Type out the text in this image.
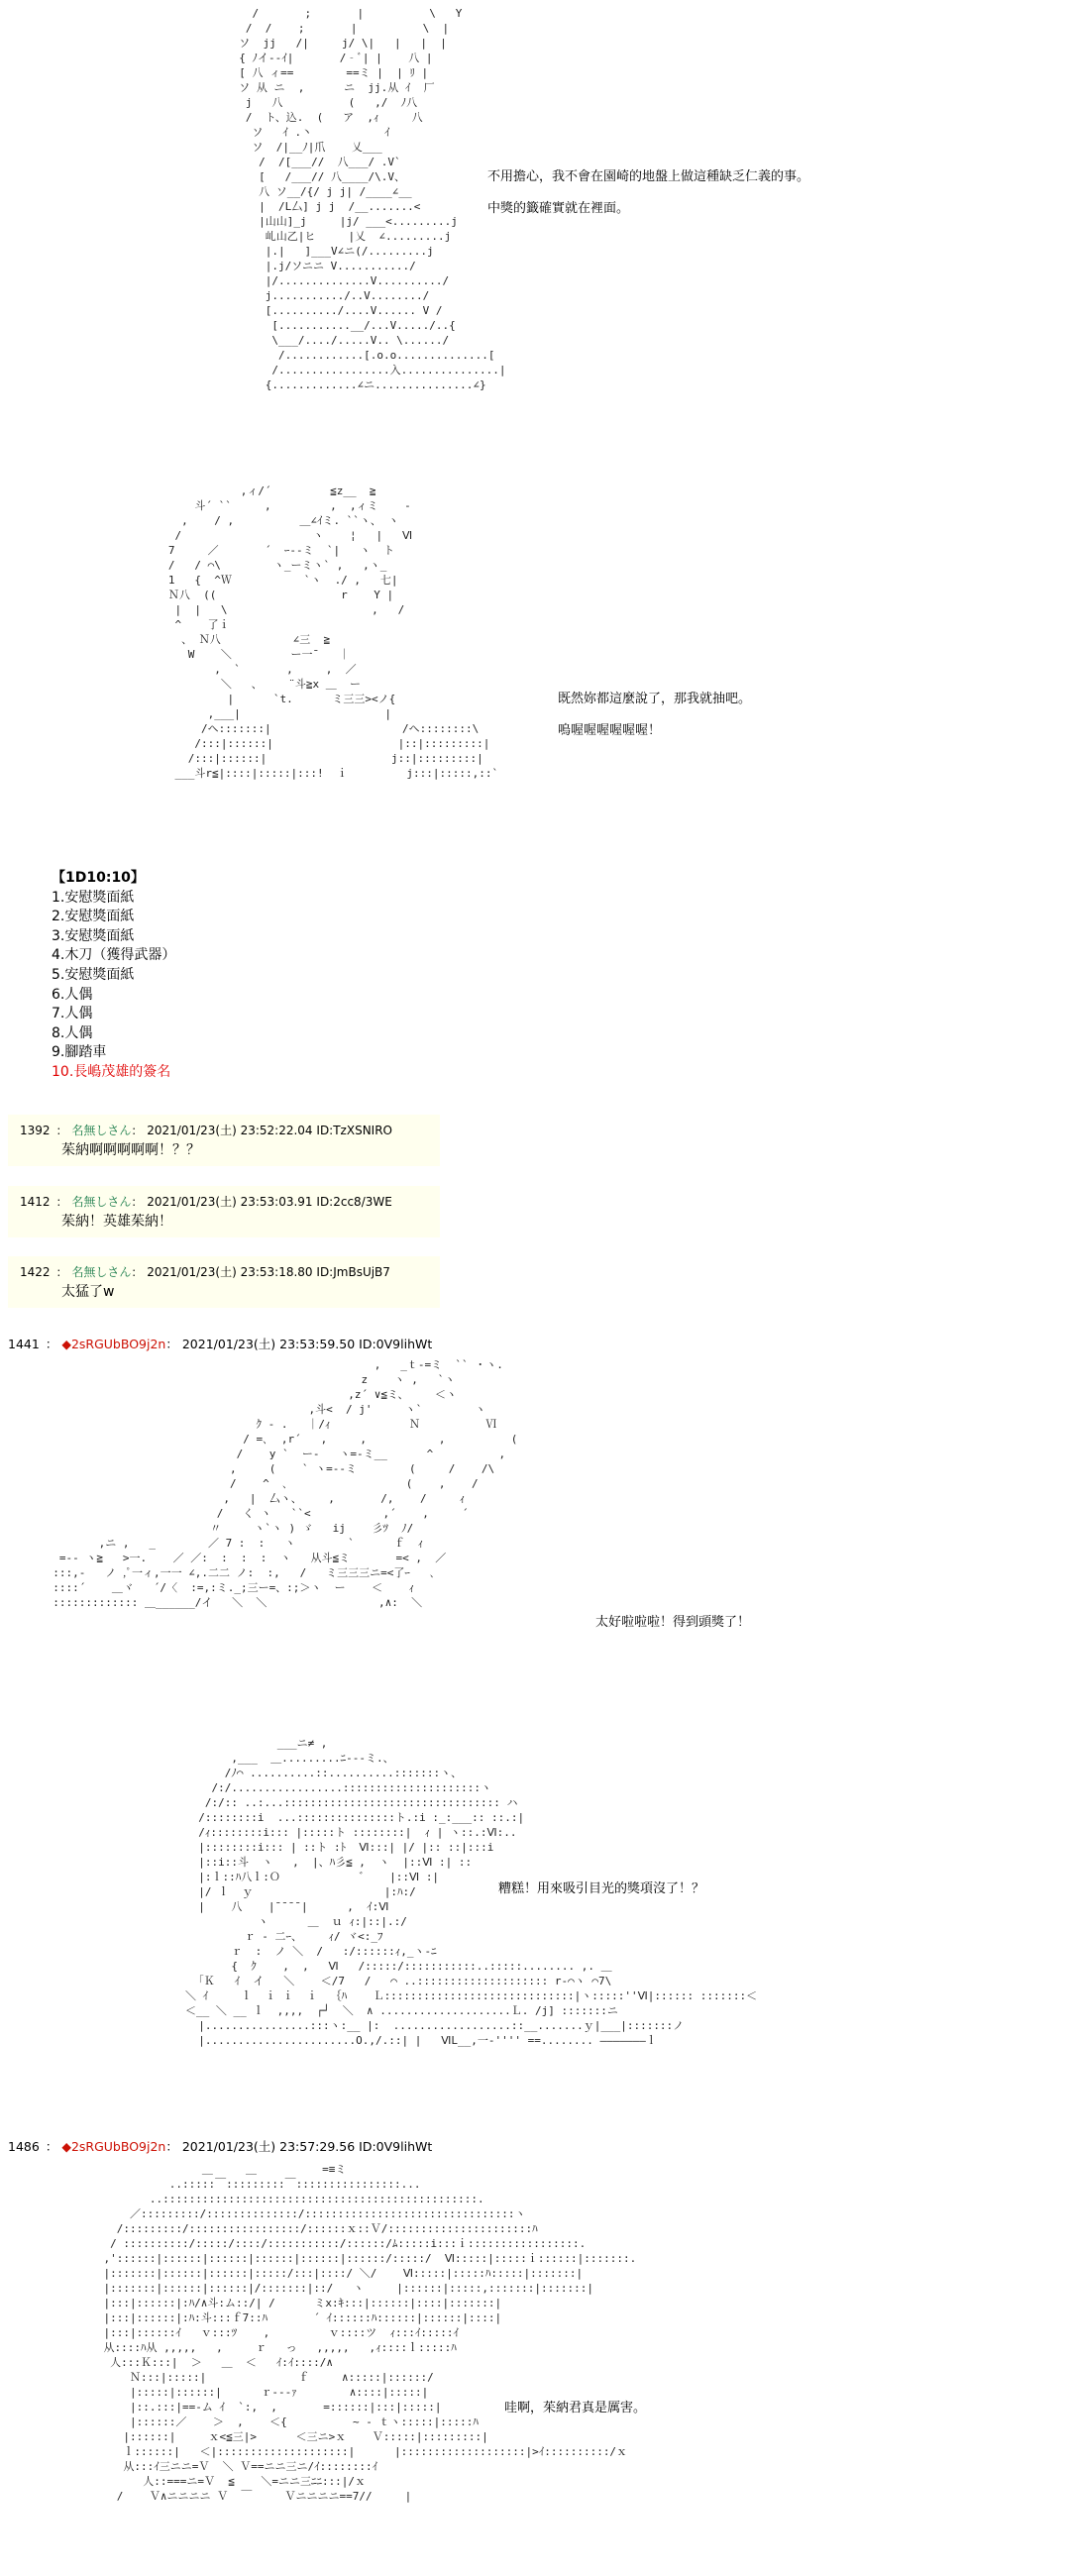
/       ;       |          \   Y
/  /    ;       |          \  |
ソ  jj   /|     j/ \|   |   |  |
{ ﾉイ--ｲ|       /‐ﾞ| |    八 |
[ 八 ィ==        ==ミ |  | ﾘ |
ソ 从 ニ  ,      ニ  jj.从 ｲ  厂
j   八          (   ,/  ﾉ八
/  ト、込.  (   ア  ,ｨ     八
ソ   ｲ .丶           ｲ
ソ  /|__ﾉ|爪    乂___
/  /[___//  八___/ .V`
[   /___// 八____/\.V、
八 ソ__/{/ j j| /____∠__
|  /L厶] j j  /__.......<
|山山]_j     |j/ ___<.........j
乢山乙|ヒ     |乂  ∠.........j
|.|   ]___V∠ニ(/.........j
|.j/ソニニ V.........../
|/..............V........../
j.........../..V......../
[........../....V...... V /
[...........__/...V...../..{
\___/..../.....V.. \....../
/............[.o.o..............[
/.................入...............|
{.............∠ニ...............∠}
不用擔心，我不會在園崎的地盤上做這種缺乏仁義的事。
中獎的籤確實就在裡面。
,ィ/´         ≦z__  ≧
斗´ ``     ,         ,  ,ィミ    ‐
,    / ,          ＿∠ｲミ. ``ヽ、 ヽ
/                    ヽ    ¦   |   Ⅵ
7     ／       ´  ｰ--ミ  `|   ヽ  ト
/   / ⌒\        ヽ_ーミヽ` ,   ,ヽ_
1   {  ^Ｗ           `ヽ  ./ ,   七|
Ｎ八  ((                   r    Y |
|  |   \                      ,   /
^    了ｉ
、 Ｎ八           ∠三  ≧
W    ＼         ー一¯   ｜
,  `       ,     ,  ／
＼   、    ¨斗≧x ＿  ー
|      `t.      ミ三三><ノ{
,___|                      |
/ヘ:::::::|                    /ヘ::::::::\
/:::|::::::|                   |::|:::::::::|
/:::|::::::|                   j::|:::::::::|
___斗r≦|::::|:::::|:::!  ｉ         j:::|:::::,::`
既然妳都這麼說了，那我就抽吧。
嗚喔喔喔喔喔喔！
【1D10:10】
1.安慰獎面紙
2.安慰獎面紙
3.安慰獎面紙
4.木刀（獲得武器）
5.安慰獎面紙
6.人偶
7.人偶
8.人偶
9.腳踏車
10.長嶋茂雄的簽名
1392 ： 名無しさん： 2021/01/23(土) 23:52:22.04 ID:TzXSNIRO
茱納啊啊啊啊啊！？？
1412 ： 名無しさん： 2021/01/23(土) 23:53:03.91 ID:2cc8/3WE
茱納！英雄茱納！
1422 ： 名無しさん： 2021/01/23(土) 23:53:18.80 ID:JmBsUjB7
太猛了w
1441 ： ◆2sRGUbBO9j2n： 2021/01/23(土) 23:53:59.50 ID:0V9lihWt
,   _ｔ‐=ミ  `` ・ヽ.
z    ヽ ,   `ヽ
,z´ ∨≦ミ、    ＜ヽ
,斗<  / j'     ヽ`        ヽ
ｸ ‐ .   ｜/ｨ            Ｎ          Ⅵ
/ =､  ,r´   ,     ,           ,          (
/    y `  ー-   ヽ=-ミ__      ^          ,
,     (    ` ヽ=--ミ        (     /    /\
/    ^  ､                  (    ,    /
,   |  厶ヽ、    ,       /,    /     ｨ
/   く ヽ   ``<           ,´    ,     ´
〃     ヽ`ヽ ) ゞ   ij    彡ﾂ  ﾉ/
,ニ ,   _        ／ 7 :  :   ヽ        `      ｆ  ｨ
=-- ヽ≧   >一.    ／ ／:  :  :  :  ヽ   从斗≦ミ       =< ,  ／
:::,-   ノ ,ﾟ一ィ,一一 ∠,.二二 ノ:  :,   /   ミ三三三ニ=<了ｰ   ､
::::´    ＿ヾ   ´/〈  :=,:ミ._;三ー=、:;＞ヽ  ー    ＜    ｨ
::::::::::::: ＿______/イ   ＼  ＼                 ,∧:  ＼
太好啦啦啦！得到頭獎了！
___ニ≠ ,
,___  ＿.........ﾆ---ミ.、
/ﾉ⌒ ..........::..........:::::::ヽ、
/:/.................:::::::::::::::::::::ヽ
/:/:: ..:...::::::::::::::::::::::::::::::::: ハ
/::::::::i  ...:::::::::::::::ト.:i :_:___:: ::.:|
/ｨ::::::::i::: |:::::ト ::::::::|  ｨ | ヽ::.:Ⅵ:..
|::::::::i::: | ::ト :ﾄ  Ⅵ:::| |/ |:: ::|:::i
|::i::斗  ヽ   ,  |、ﾊ彡≦ ,  ヽ  |::Ⅵ :| ::
|:ｌ::ﾊ八ｌ:Ｏ            ゛   |::Ⅵ :|
|/ ｌ  ｙ                    |:ﾊ:/
|    八    |¯¯¯¯|      ,  ｲ:Ⅵ
ヽ      ＿  ｕ ｨ:|::|.:/
ｒ ‐ 二ｰ、    ｨ/ ヾ<:_ﾌ
ｒ  :  ノ ＼  /   :/::::::ｨ,_ヽ‐ﾆ
{  ｸ    ,  ,   Ⅵ   /:::::/:::::::::::..:::::........ ,. ＿
｢Ｋ   ｲ  イ   ＼    ＜/7   /   ⌒ ..:::::::::::::::::::: r‐⌒ヽ ⌒7\
＼ ｲ     ｌ  ｉ ｉ  ｉ  ｛ﾊ    Ｌ:::::::::::::::::::::::::::::|ヽ:::::''Ⅵ|:::::: :::::::＜
＜__ ＼ __ ｌ  ,,,,  ┌┘  ＼  ∧ ....................Ｌ. /j] :::::::ニ
|................:::ヽ:__ |:  ..................::__.......ｙ|___|:::::::ノ
|.......................O.,/.::| |   ⅥL__,一-'''' ==........ ―――――――ｌ
糟糕！用來吸引目光的獎項沒了！？
1486 ： ◆2sRGUbBO9j2n： 2021/01/23(土) 23:57:29.56 ID:0V9lihWt
＿     ＿          =≡ミ
..:::::￣:::::::::￣::::::::::::::::...
..::::::::::::::::::::::::::::::::::::::::::::::::.
／:::::::::/::::::::::::::/::::::::::::::::::::::::::::::::ヽ
/:::::::::/:::::::::::::::::/::::::ｘ::Ｖ/::::::::::::::::::::::ﾊ
/ ::::::::::/:::::/::::/:::::::::::/::::::/ﾑ:::::i:::ｉ:::::::::::::::::.
,'::::::|::::::|::::::|::::::|::::::|::::::/:::::/  Ⅵ:::::|:::::ｉ::::::|:::::::.
|:::::::|::::::|::::::|:::::/:::|::::/ ＼/    Ⅵ:::::|:::::ﾊ:::::|:::::::|
|:::::::|::::::|::::::|/:::::::|::/   ヽ     |::::::|:::::,:::::::|:::::::|
|:::|::::::|:ﾊ/∧斗:ム::/| /      ミx:ｷ:::|::::::|::::|:::::::|
|:::|::::::|:ﾊ:斗:::ｆ7::ﾊ       ´ ｲ::::::ﾊ::::::|::::::|::::|
|:::|::::::ｲ   ｖ:::ﾂ    ,         ｖ::::ツ  ｨ:::ｲ:::::ｲ
从::::ﾊ从 ,,,,,   ,     ｒ   っ   ,,,,,   ,ｨ::::ｌ:::::ﾊ
人:::Ｋ:::|  ＞   ＿  ＜   ｲ:ｲ::::/∧
Ｎ:::|:::::|              ｆ     ∧:::::|::::::/
|:::::|::::::|      ｒ‐--ｧ        ∧::::|:::::|
|::.:::|==-ム ｲ  `:,  ,       =::::::|:::|:::::|
|::::::／    ＞  ,    ＜{          ~ ‐ ｔヽ:::::|:::::ﾊ
|::::::|     ｘ<≦三|>      ＜三ニ>ｘ    Ｖ:::::|:::::::::|
ｌ::::::|   ＜|::::::::::::::::::::|      |:::::::::::::::::::|>ｲ::::::::::/ｘ
从:::ｲ三ニニ=Ｖ  ＼ Ｖ==ニニ三ニ/ｲ::::::::ｲ
人::===ニ=Ｖ  ≦    ＼=ニニ三ﾆﾆ:::|/ｘ
/    Ｖ∧ニニニニ Ｖ  ￣     Ｖニニニニ==7//     |
哇啊，茱納君真是厲害。
